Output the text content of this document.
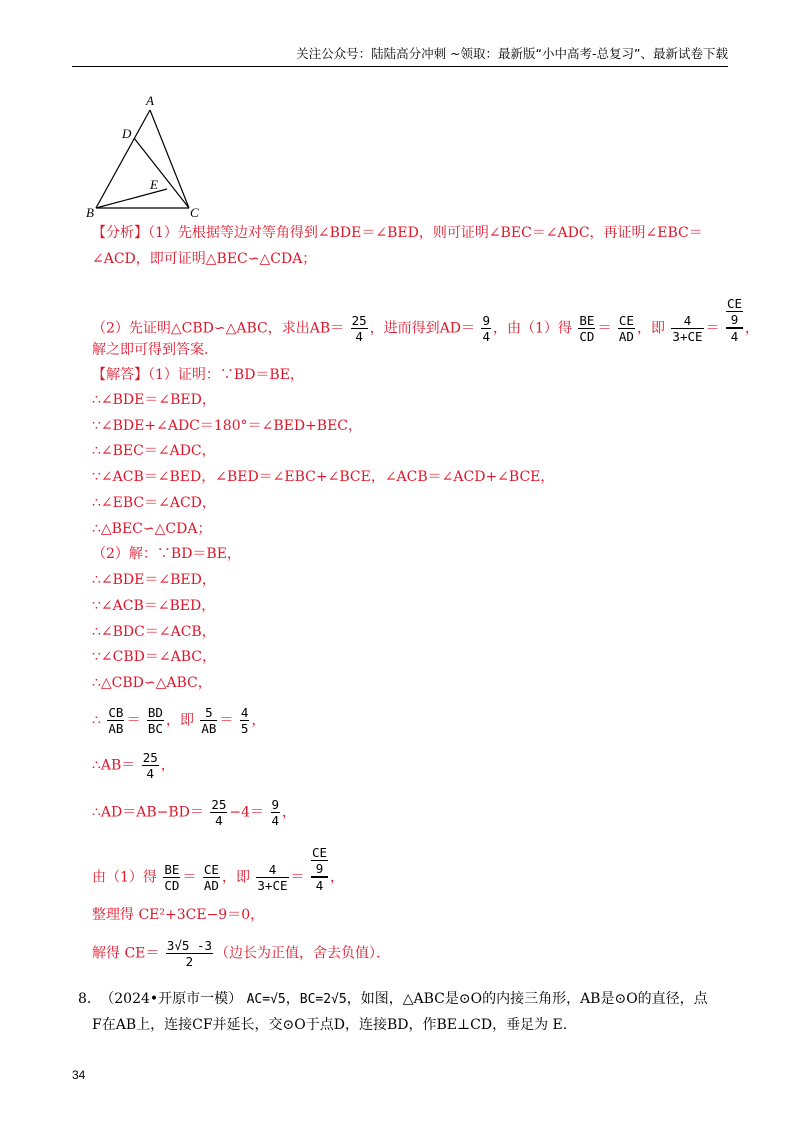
关注公众号：陆陆高分冲刺 ~领取：最新版“小中高考-总复习”、最新试卷下载
A
D
E
B	C
【分析】（1）先根据等边对等角得到∠BDE＝∠BED，则可证明∠BEC＝∠ADC，再证明∠EBC＝
∠ACD，即可证明△BEC∽△CDA；
（2）先证明△CBD∽△ABC，求出$AB= \frac{25}{4}$ ，进而得到$AD= \frac{9}{4}$ ，由（1）得 $\frac{BE}{CD} = \frac{CE}{AD}$ ，即 $\frac{4}{3+CE}$ ＝
CE
9
4 ，
解之即可得到答案．
【解答】（1）证明：∵BD＝BE，
∴∠BDE＝∠BED，
∵∠BDE+∠ADC＝180°＝∠BED+BEC，
∴∠BEC＝∠ADC，
∵∠ACB＝∠BED，∠BED＝∠EBC+∠BCE，∠ACB＝∠ACD+∠BCE，
∴∠EBC＝∠ACD，
∴△BEC∽△CDA；
（2）解：∵BD＝BE，
∴∠BDE＝∠BED，
∵∠ACB＝∠BED，
∴∠BDC＝∠ACB，
∵∠CBD＝∠ABC，
∴△CBD∽△ABC，
∴ $\frac{CB}{AB} = \frac{BD}{BC}$ ，即 $\frac{5}{AB} = \frac{4}{5}$ ，
∴AB＝ $\frac{25}{4}$ ，
∴AD＝AB−BD＝ $\frac{25}{4} -4= \frac{9}{4}$ ，
由（1）得 $\frac{BE}{CD} = \frac{CE}{AD}$ ，即 $\frac{4}{3+CE}$ ＝
CE
9
4 ，
整理得 CE²+3CE−9＝0，
解得 $CE= \frac{3√5 -3}{2}$ （边长为正值，舍去负值）．
8. （2024•开原市一模） AC=√5，BC=2√5，如图，△ABC是⊙O的内接三角形，AB是⊙O的直径，点
F在AB上，连接CF并延长，交⊙O于点D，连接BD，作BE⊥CD，垂足为 E.
34
